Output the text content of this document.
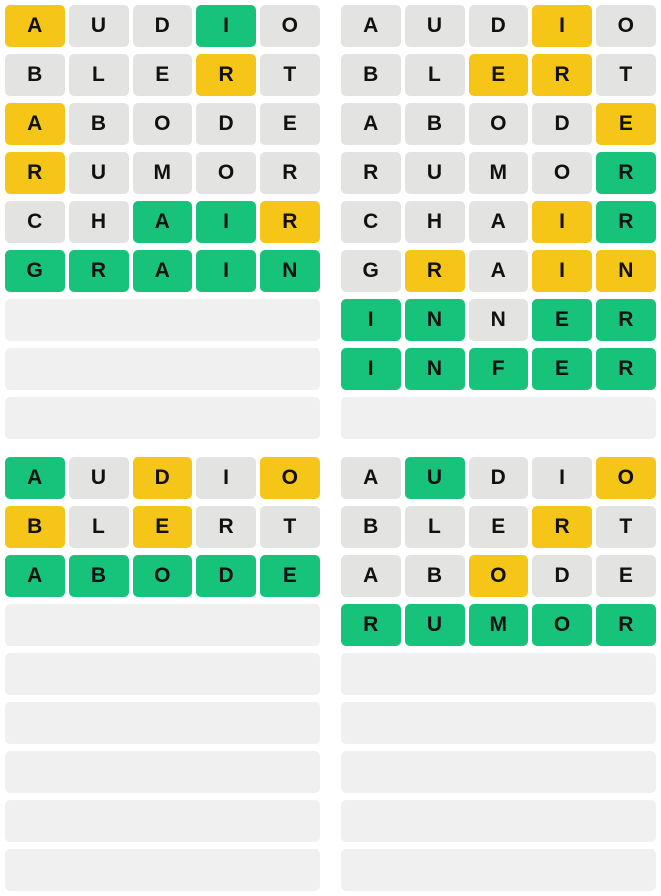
A	U	D	I	O
B	L	E	R	T
A	B	O	D	E
R	U	M	O	R
C	H	A	I	R
G	R	A	I	N
A	U	D	I	O
B	L	E	R	T
A	B	O	D	E
R	U	M	O	R
C	H	A	I	R
G	R	A	I	N
I	N	N	E	R
I	N	F	E	R
A	U	D	I	O
B	L	E	R	T
A	B	O	D	E
A	U	D	I	O
B	L	E	R	T
A	B	O	D	E
R	U	M	O	R
